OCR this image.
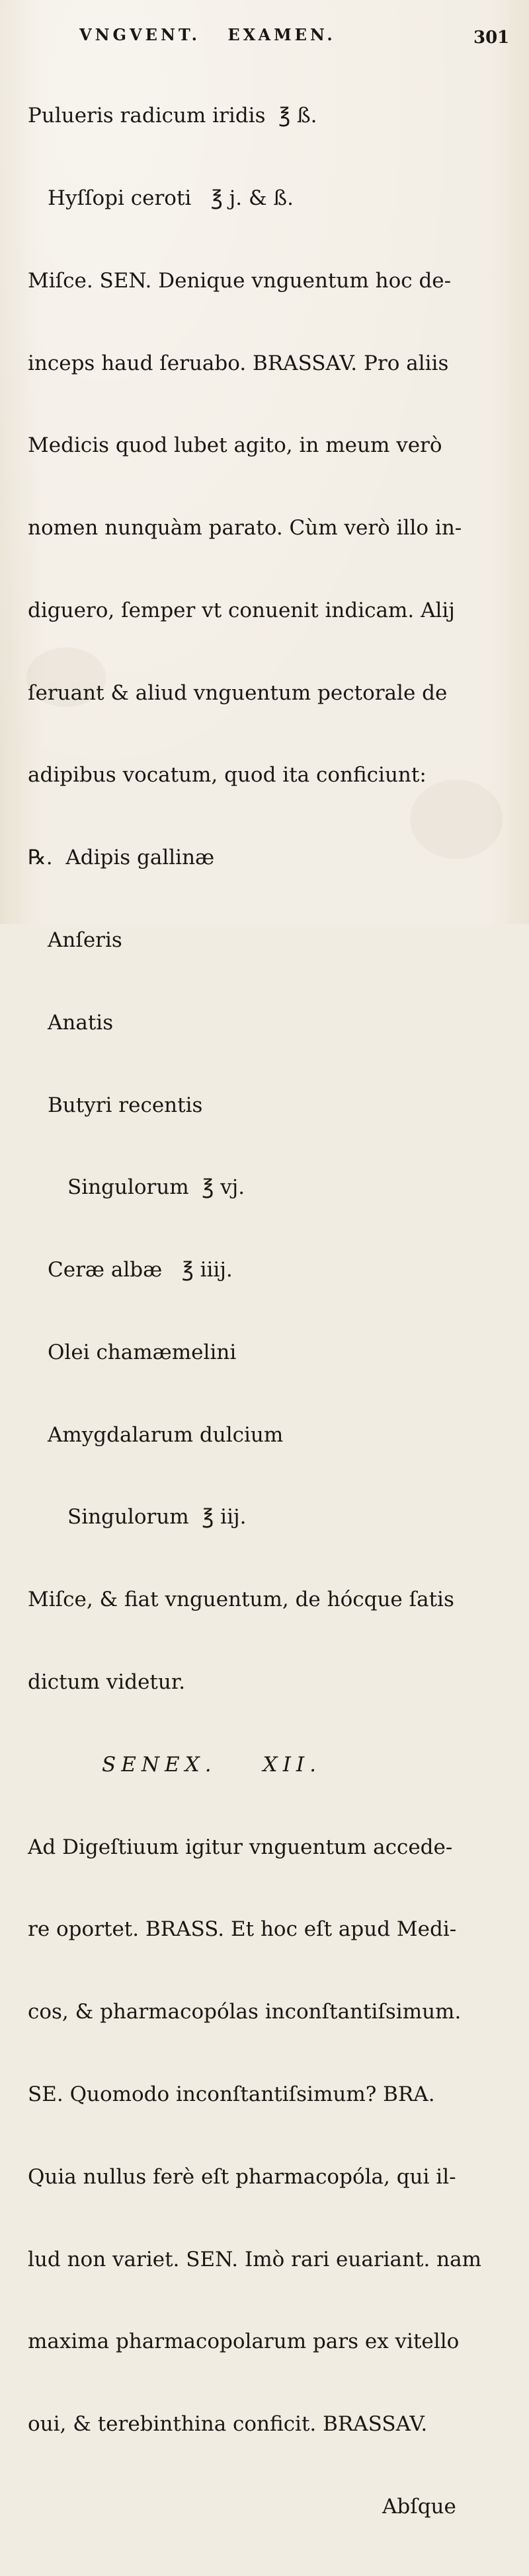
VNGVENT. EXAMEN.	301

Pulueris radicum iridis  ℥ ß.

Hyſſopi ceroti   ℥ j. & ß.

Miſce. SEN. Denique vnguentum hoc de-

inceps haud ſeruabo. BRASSAV. Pro aliis

Medicis quod lubet agito, in meum verò

nomen nunquàm parato. Cùm verò illo in-

diguero, ſemper vt conuenit indicam. Alij

ſeruant & aliud vnguentum pectorale de

adipibus vocatum, quod ita conficiunt:

℞.  Adipis gallinæ

Anſeris

Anatis

Butyri recentis

Singulorum  ℥ vj.

Ceræ albæ   ℥ iiij.

Olei chamæmelini

Amygdalarum dulcium

Singulorum  ℥ iij.

Miſce, & fiat vnguentum, de hócque ſatis

dictum videtur.

SENEX. XII.

Ad Digeſtiuum igitur vnguentum accede-

re oportet. BRASS. Et hoc eſt apud Medi-

cos, & pharmacopólas inconſtantiſsimum.

SE. Quomodo inconſtantiſsimum? BRA.

Quia nullus ferè eſt pharmacopóla, qui il-

lud non variet. SEN. Imò rari euariant. nam

maxima pharmacopolarum pars ex vitello

oui, & terebinthina conficit. BRASSAV.

Abſque
